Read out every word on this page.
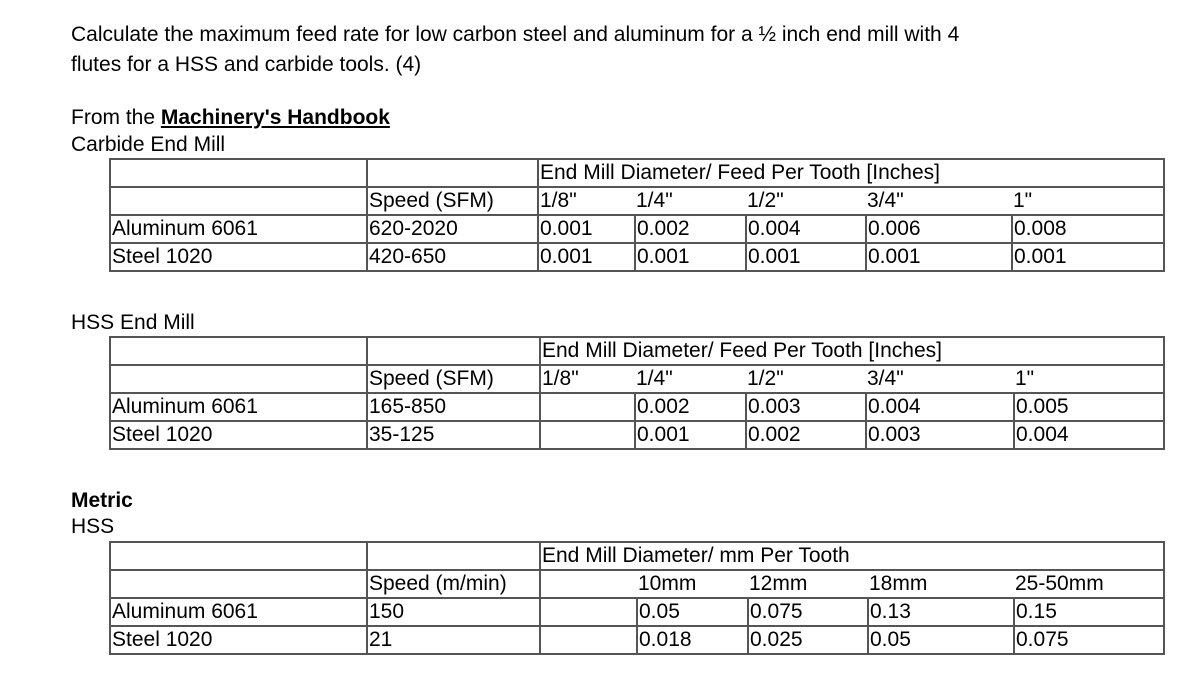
Calculate the maximum feed rate for low carbon steel and aluminum for a ½ inch end mill with 4
flutes for a HSS and carbide tools. (4)
From the Machinery's Handbook
Carbide End Mill
		End Mill Diameter/ Feed Per Tooth [Inches]				
	Speed (SFM)	1/8"	1/4"	1/2"	3/4"	1"
Aluminum 6061	620-2020	0.001	0.002	0.004	0.006	0.008
Steel 1020	420-650	0.001	0.001	0.001	0.001	0.001
HSS End Mill
		End Mill Diameter/ Feed Per Tooth [Inches]				
	Speed (SFM)	1/8"	1/4"	1/2"	3/4"	1"
Aluminum 6061	165-850		0.002	0.003	0.004	0.005
Steel 1020	35-125		0.001	0.002	0.003	0.004
Metric
HSS
		End Mill Diameter/ mm Per Tooth				
	Speed (m/min)		10mm	12mm	18mm	25-50mm
Aluminum 6061	150		0.05	0.075	0.13	0.15
Steel 1020	21		0.018	0.025	0.05	0.075
